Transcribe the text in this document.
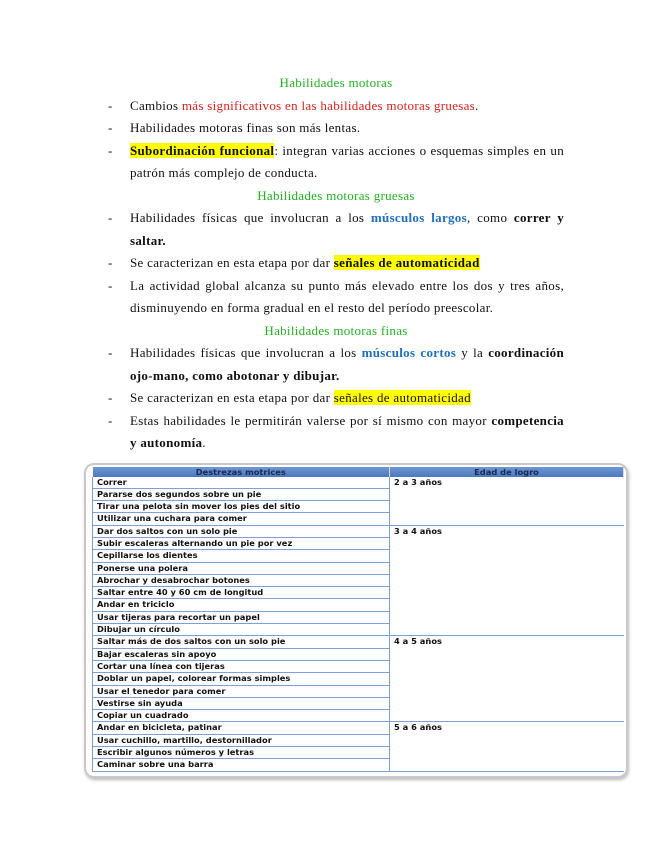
Habilidades motoras
- Cambios más significativos en las habilidades motoras gruesas.
- Habilidades motoras finas son más lentas.
- Subordinación funcional: integran varias acciones o esquemas simples en un patrón más complejo de conducta.
Habilidades motoras gruesas
- Habilidades físicas que involucran a los músculos largos, como correr y saltar.
- Se caracterizan en esta etapa por dar señales de automaticidad
- La actividad global alcanza su punto más elevado entre los dos y tres años, disminuyendo en forma gradual en el resto del período preescolar.
Habilidades motoras finas
- Habilidades físicas que involucran a los músculos cortos y la coordinación ojo-mano, como abotonar y dibujar.
- Se caracterizan en esta etapa por dar señales de automaticidad
- Estas habilidades le permitirán valerse por sí mismo con mayor competencia y autonomía.
Destrezas motrices	Edad de logro
Correr	2 a 3 años
Pararse dos segundos sobre un pie	
Tirar una pelota sin mover los pies del sitio	
Utilizar una cuchara para comer	
Dar dos saltos con un solo pie	3 a 4 años
Subir escaleras alternando un pie por vez	
Cepillarse los dientes	
Ponerse una polera	
Abrochar y desabrochar botones	
Saltar entre 40 y 60 cm de longitud	
Andar en triciclo	
Usar tijeras para recortar un papel	
Dibujar un círculo	
Saltar más de dos saltos con un solo pie	4 a 5 años
Bajar escaleras sin apoyo	
Cortar una línea con tijeras	
Doblar un papel, colorear formas simples	
Usar el tenedor para comer	
Vestirse sin ayuda	
Copiar un cuadrado	
Andar en bicicleta, patinar	5 a 6 años
Usar cuchillo, martillo, destornillador	
Escribir algunos números y letras	
Caminar sobre una barra	
